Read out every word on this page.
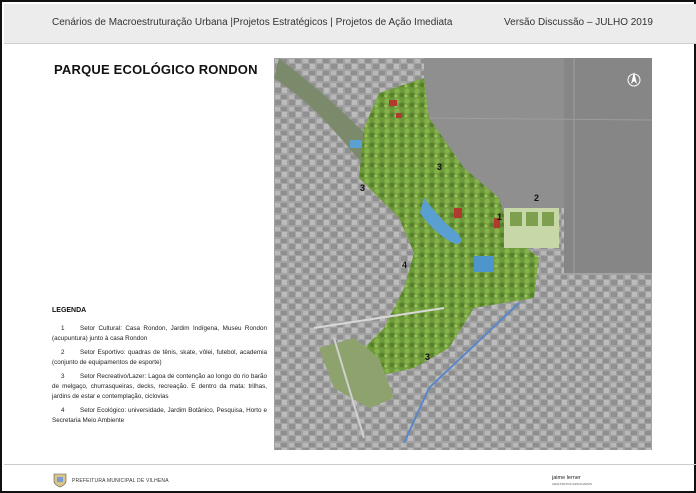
Cenários de Macroestruturação Urbana |Projetos Estratégicos | Projetos de Ação Imediata	Versão Discussão – JULHO 2019
PARQUE ECOLÓGICO RONDON
LEGENDA
1 Setor Cultural: Casa Rondon, Jardim Indígena, Museu Rondon (acupuntura) junto à casa Rondon
2 Setor Esportivo: quadras de tênis, skate, vôlei, futebol, academia (conjunto de equipamentos de esporte)
3 Setor Recreativo/Lazer: Lagoa de contenção ao longo do rio barão de melgaço, churrasqueiras, decks, recreação. E dentro da mata: trilhas, jardins de estar e contemplação, ciclovias
4 Setor Ecológico: universidade, Jardim Botânico, Pesquisa, Horto e Secretaria Meio Ambiente
1
2
3
3
3
4
PREFEITURA MUNICIPAL DE VILHENA	jaime lerner
ARQUITETOS ASSOCIADOS
